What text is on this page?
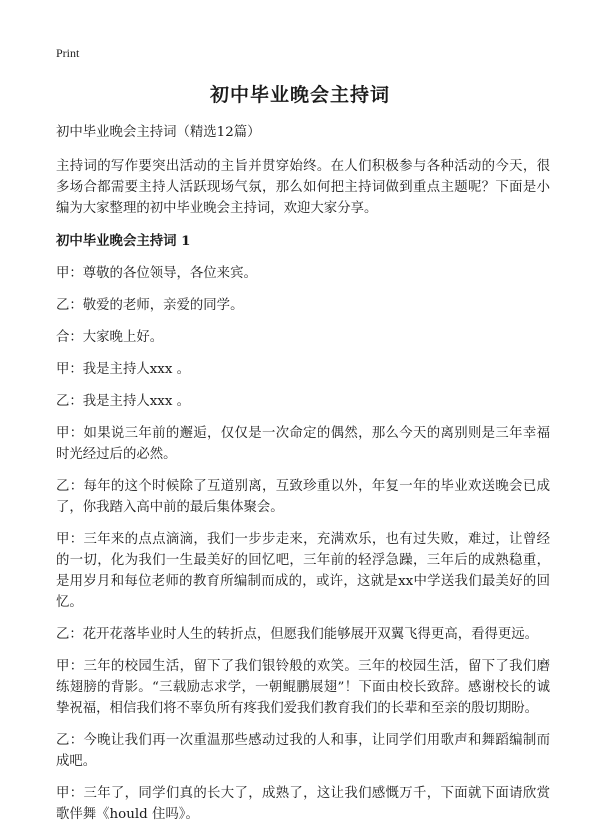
Print
初中毕业晚会主持词

初中毕业晚会主持词（精选12篇）

主持词的写作要突出活动的主旨并贯穿始终。在人们积极参与各种活动的今天，很多场合都需要主持人活跃现场气氛，那么如何把主持词做到重点主题呢？下面是小编为大家整理的初中毕业晚会主持词，欢迎大家分享。

初中毕业晚会主持词 1

甲：尊敬的各位领导，各位来宾。

乙：敬爱的老师，亲爱的同学。

合：大家晚上好。

甲：我是主持人xxx 。

乙：我是主持人xxx 。

甲：如果说三年前的邂逅，仅仅是一次命定的偶然，那么今天的离别则是三年幸福时光经过后的必然。

乙：每年的这个时候除了互道别离，互致珍重以外，年复一年的毕业欢送晚会已成了，你我踏入高中前的最后集体聚会。

甲：三年来的点点滴滴，我们一步步走来，充满欢乐，也有过失败，难过，让曾经的一切，化为我们一生最美好的回忆吧，三年前的轻浮急躁，三年后的成熟稳重，是用岁月和每位老师的教育所编制而成的，或许，这就是xx中学送我们最美好的回忆。

乙：花开花落毕业时人生的转折点，但愿我们能够展开双翼飞得更高，看得更远。

甲：三年的校园生活，留下了我们银铃般的欢笑。三年的校园生活，留下了我们磨练翅膀的背影。“三载励志求学，一朝鲲鹏展翅”！下面由校长致辞。感谢校长的诚挚祝福，相信我们将不辜负所有疼我们爱我们教育我们的长辈和至亲的殷切期盼。

乙：今晚让我们再一次重温那些感动过我的人和事，让同学们用歌声和舞蹈编制而成吧。

甲：三年了，同学们真的长大了，成熟了，这让我们感慨万千，下面就下面请欣赏歌伴舞《hould 住吗》。
